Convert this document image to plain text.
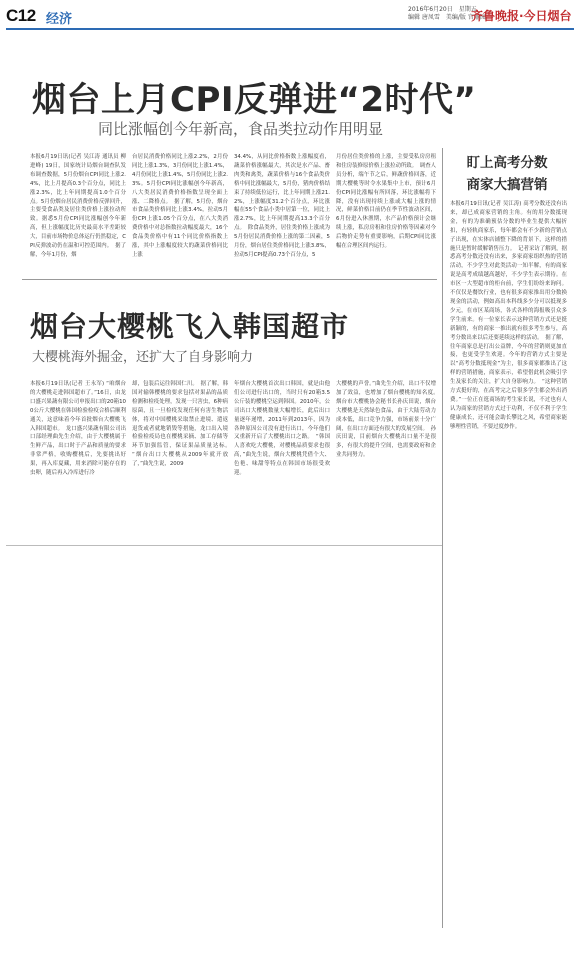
C12 经济
2016年6月20日　星期五
编辑 唐凤雪　美编/版 宫丽园
齐鲁晚报·今日烟台
烟台上月CPI反弹进“2时代”
同比涨幅创今年新高，食品类拉动作用明显
本报6月19日讯(记者 吴江涛 通讯员 柳进峰) 19日，国家统计局烟台调查队发布调查数据，5月份烟台CPI同比上涨2.4%，比上月提高0.3个百分点，同比上涨2.3%，比上年同期提高1.0个百分点。5月份烟台居民消费价格反弹回升，主要受食品类及居住类价格上涨拉动所致。据悉5月份CPI同比涨幅创今年新高，但上涨幅度比历史最高水平差距较大，目前市场物价总体运行仍然稳定，CPI反弹波动仍在温和可控范围内。　据了解，今年1月份，烟
台居民消费价格同比上涨2.2%，2月份同比上涨1.3%，3月份同比上涨1.4%，4月份同比上涨1.4%，5月份同比上涨2.3%。5月份CPI同比涨幅创今年新高，八大类居民消费价格指数呈现全面上涨、二降格点。　据了解，5月份，烟台市食品类价格同比上涨3.4%，拉动5月份CPI上涨1.05个百分点，在八大类消费价格中对总指数拉动幅度最大，16个食品类价格中有11个同比价格指数上涨，其中上涨幅度较大的蔬菜价格同比上涨
34.4%，从同比价格指数上涨幅度看，蔬菜价格涨幅最大，其次是水产品、畜肉类和禽类，蔬菜价格与16个食品类价格中同比涨幅最大，5月份，猪肉价格结束了持续低位运行，比上年同期上涨21.2%，上涨幅度31.2个百分点，环比涨幅在55个食品小类中居第一位，同比上涨2.7%，比上年同期提高13.3个百分点。　除食品类外，居住类价格上涨成为5月份居民消费价格上涨的第二因素，5月份，烟台居住类价格同比上涨3.8%，拉动5月CPI提高0.73个百分点，5
月份居住类价格的上涨，主要受私房房租和住房装修原价格上涨拉动所致。　调查人员分析，端午节之后，鲜蔬价格回落，近期大樱桃等时令水果集中上市，预计6月份CPI同比涨幅有所回落，环比涨幅将下降，没有出现持续上涨或大幅上涨的情况，鲜菜价格目前仍在季节性波动区间，6月份进入休渔期，水产品价格预计会继续上涨，私房房租和住房价格等因素对今后物价走势有重要影响，后期CPI同比涨幅在合理区间内运行。
盯上高考分数
商家大搞营销
本报6月19日讯(记者 吴江涛) 高考分数还没有出来，却已成商家营销的主角。有的用分数抵现金，有的为准确预估分数的毕业生提供大幅折扣，有轻轨商家乐，每年都会有不少新的营销点子出现，在实体店铺整下降的背景下，这样的措施只是暂时缓解销售压力。　记者采访了解到，据悉高考分数还没有出来，多家商家组织热的营销活动，不少学生对此类活动一知半解，有的商家说是高考成绩越高越好，不少学生表示期待。在市区一大型超市的柜台前，学生们纷纷来询问。不仅仅是餐饮行业，也有很多商家推出用分数换现金的活动，例如高出本科线多少分可以抵现多少元，在市区某商场，各式各样的海报吸引众多学生前来。有一位家长表示这种营销方式还是挺新颖的，有的商家一推出就有很多考生参与，高考分数出来以后还要延续这样的活动。　据了解，往年商家总是打出公益牌，今年的营销则更加直接，也更受学生欢迎。今年的营销方式主要是以“高考分数抵现金”为主，很多商家都推出了这样的营销措施，商家表示，希望借此机会吸引学生及家长的关注，扩大自身影响力。　“这种营销方式挺好的，在高考完之后很多学生都会外出消费。”一位正在逛商场的考生家长说，不过也有人认为商家的营销方式过于功利，不仅不利于学生健康成长，还可能会助长攀比之风，希望商家能够理性营销，不要过度炒作。
烟台大樱桃飞入韩国超市
大樱桃海外掘金，还扩大了自身影响力
本报6月19日讯(记者 王永军) “咱烟台的大樱桃走进韩国超市了。”16日，由龙口盛兴果蔬有限公司申报出口的20箱100公斤大樱桃在韩国检验检疫合格后顺利通关，这意味着今年首批烟台大樱桃飞入韩国超市。　龙口盛兴果蔬有限公司出口部经理曲先生介绍，由于大樱桃属于生鲜产品，出口时于产品和质量的要求非常严格，收购樱桃后，先要挑出好果，再入库夏藏，用来消除可能存在的虫卵，随后再入冷库进行冷
却，包装后运往韩国仁川。　据了解，韩国对输韩樱桃的要求包括对果品的品质检测和检疫处理，发现一只害虫，6种病原菌，且一旦检疫发现任何有害生物活体，将对中国樱桃采取禁止进境、遣返退货或者就地销毁等措施，龙口出入境检验检疫局也在樱桃采摘、加工存储等环节加强监管，保证果品质量达标。　“烟台出口大樱桃从2009年就开放了，”曲先生说，2009
年烟台大樱桃首次出口韩国，就是由他们公司进行出口的，当时只有20箱3.5公斤装的樱桃空运到韩国。2010年，公司出口大樱桃数量大幅增长，此后出口量逐年递增，2011年到2013年，因为各种原因公司没有进行出口，今年他们又重新开启了大樱桃出口之路。　“韩国人喜欢吃大樱桃，对樱桃品质要求也很高，”曲先生说，烟台大樱桃凭借个大、色艳、味甜等特点在韩国市场很受欢迎。
大樱桃的声誉。”曲先生介绍，出口不仅增加了效益，也增加了烟台樱桃的知名度。　烟台市大樱桃协会秘书长孙庆田说，烟台大樱桃是天然绿色食品，由于大陆劳动力成本低，出口竞争力强，市场前景十分广阔，在出口方面还有很大的发展空间。　孙庆田说，目前烟台大樱桃出口量不是很多，有很大的提升空间，也需要政府和企业共同努力。
